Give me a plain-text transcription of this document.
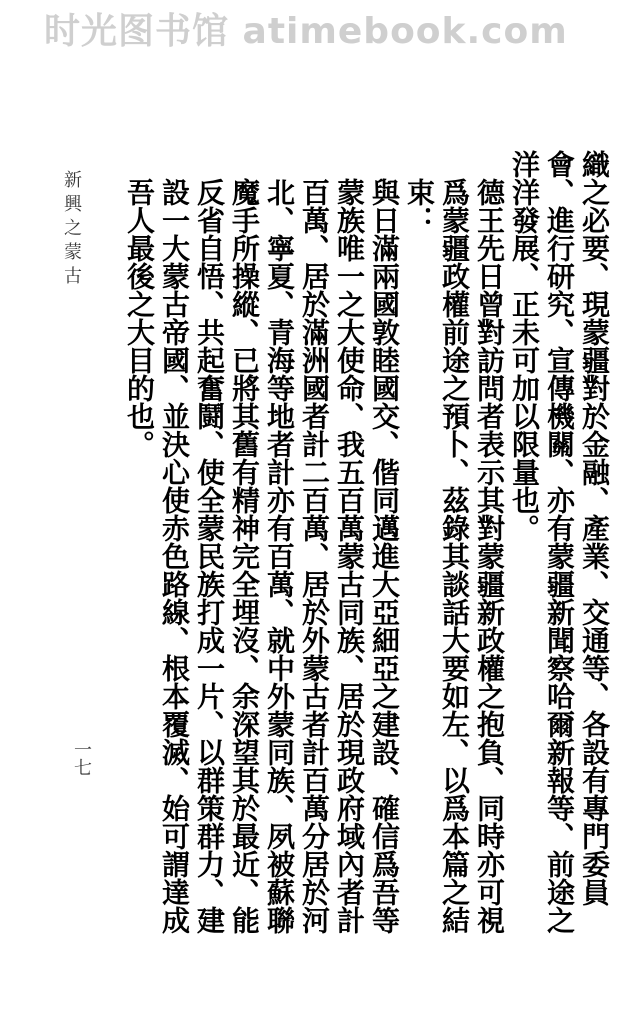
时光图书馆 atimebook.com
新興之蒙古
一七	織之必要、現蒙疆對於金融、產業、交通等、各設有專門委員會、進行研究、宣傳機關、亦有蒙疆新聞察哈爾新報等、前途之洋洋發展、正未可加以限量也。

德王先日曾對訪問者表示其對蒙疆新政權之抱負、同時亦可視爲蒙疆政權前途之預卜、茲錄其談話大要如左、以爲本篇之結束：

與日滿兩國敦睦國交、偕同邁進大亞細亞之建設、確信爲吾等蒙族唯一之大使命、我五百萬蒙古同族、居於現政府域內者計百萬、居於滿洲國者計二百萬、居於外蒙古者計百萬分居於河北、寧夏、青海等地者計亦有百萬、就中外蒙同族、夙被蘇聯魔手所操縱、已將其舊有精神完全埋沒、余深望其於最近、能反省自悟、共起奮鬪、使全蒙民族打成一片、以群策群力、建設一大蒙古帝國、並決心使赤色路線、根本覆滅、始可謂達成吾人最後之大目的也。
